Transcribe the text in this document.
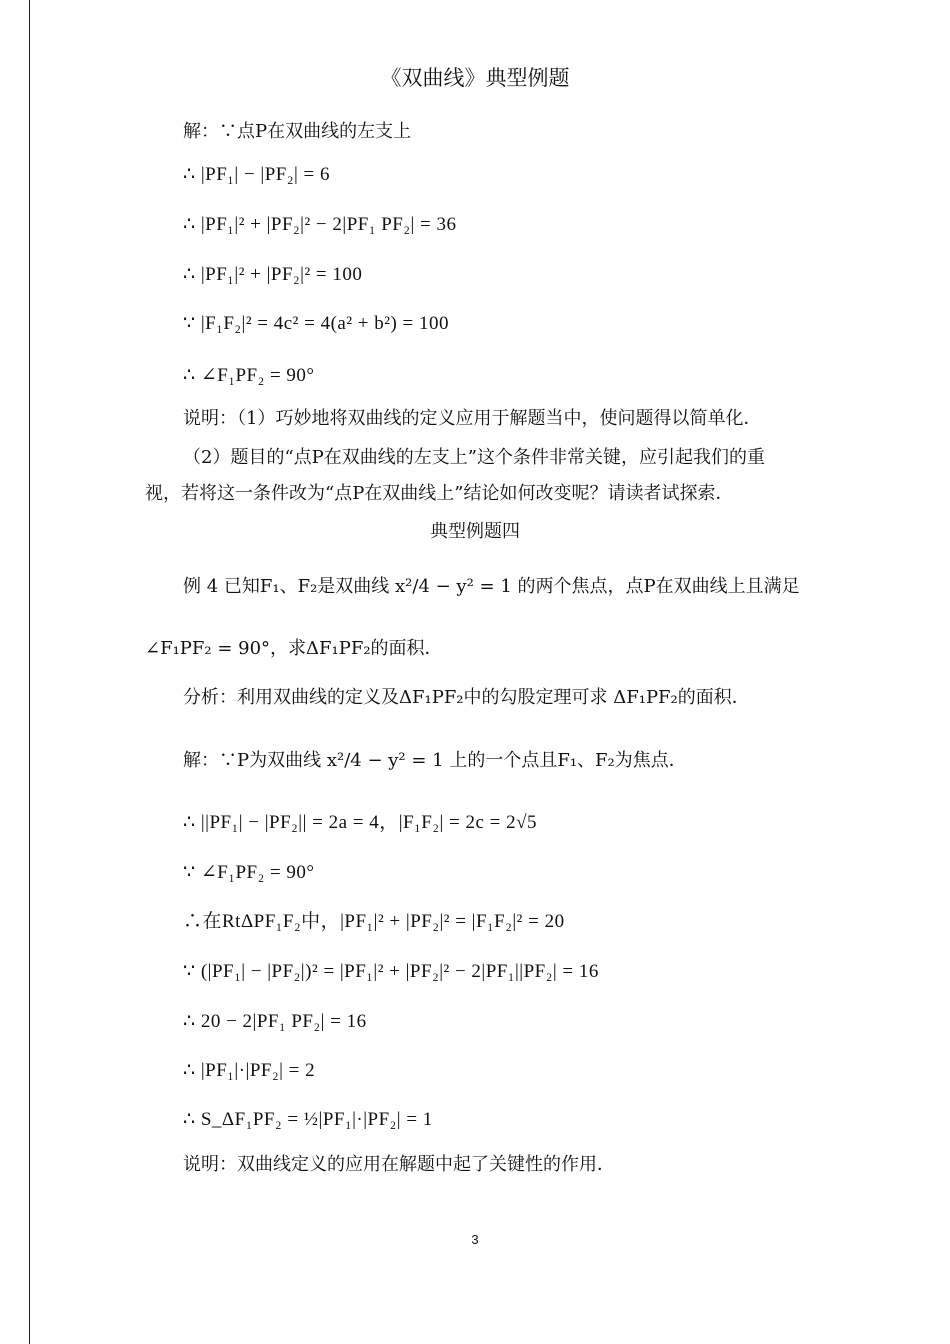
《双曲线》典型例题
解：∵点P在双曲线的左支上
∴ |PF₁| − |PF₂| = 6
∴ |PF₁|² + |PF₂|² − 2|PF₁ PF₂| = 36
∴ |PF₁|² + |PF₂|² = 100
∵ |F₁F₂|² = 4c² = 4(a² + b²) = 100
∴ ∠F₁PF₂ = 90°
说明：（1）巧妙地将双曲线的定义应用于解题当中，使问题得以简单化．
（2）题目的“点P在双曲线的左支上”这个条件非常关键，应引起我们的重
视，若将这一条件改为“点P在双曲线上”结论如何改变呢？请读者试探索．
典型例题四
例 4 已知F₁、F₂是双曲线 x²/4 − y² = 1 的两个焦点，点P在双曲线上且满足
∠F₁PF₂ = 90°，求ΔF₁PF₂的面积．
分析：利用双曲线的定义及ΔF₁PF₂中的勾股定理可求 ΔF₁PF₂的面积．
解：∵P为双曲线 x²/4 − y² = 1 上的一个点且F₁、F₂为焦点．
∴ ||PF₁| − |PF₂|| = 2a = 4，|F₁F₂| = 2c = 2√5
∵ ∠F₁PF₂ = 90°
∴在RtΔPF₁F₂中，|PF₁|² + |PF₂|² = |F₁F₂|² = 20
∵ (|PF₁| − |PF₂|)² = |PF₁|² + |PF₂|² − 2|PF₁||PF₂| = 16
∴ 20 − 2|PF₁ PF₂| = 16
∴ |PF₁|·|PF₂| = 2
∴ S_ΔF₁PF₂ = ½|PF₁|·|PF₂| = 1
说明：双曲线定义的应用在解题中起了关键性的作用．
3
